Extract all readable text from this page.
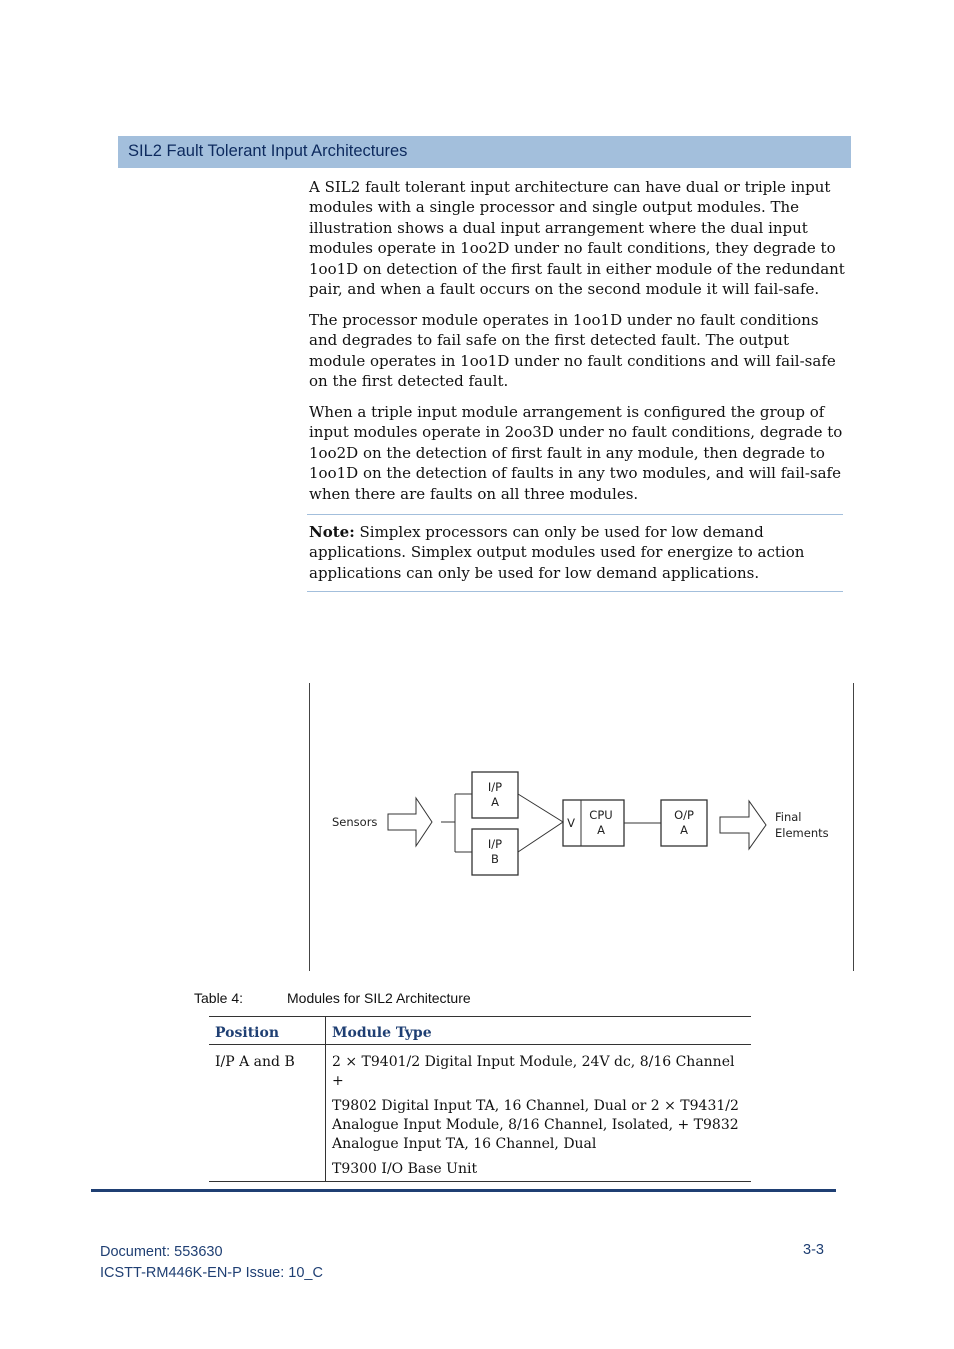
SIL2 Fault Tolerant Input Architectures

A SIL2 fault tolerant input architecture can have dual or triple input modules with a single processor and single output modules. The illustration shows a dual input arrangement where the dual input modules operate in 1oo2D under no fault conditions, they degrade to 1oo1D on detection of the first fault in either module of the redundant pair, and when a fault occurs on the second module it will fail-safe.

The processor module operates in 1oo1D under no fault conditions and degrades to fail safe on the first detected fault. The output module operates in 1oo1D under no fault conditions and will fail-safe on the first detected fault.

When a triple input module arrangement is configured the group of input modules operate in 2oo3D under no fault conditions, degrade to 1oo2D on the detection of first fault in any module, then degrade to 1oo1D on the detection of faults in any two modules, and will fail-safe when there are faults on all three modules.

Note: Simplex processors can only be used for low demand applications. Simplex output modules used for energize to action applications can only be used for low demand applications.

Sensors
I/P
A
I/P
B
V
CPU
A
O/P
A
Final
Elements
Table 4:	Modules for SIL2 Architecture
Position	Module Type

I/P A and B	2 × T9401/2 Digital Input Module, 24V dc, 8/16 Channel +

T9802 Digital Input TA, 16 Channel, Dual or 2 × T9431/2 Analogue Input Module, 8/16 Channel, Isolated, + T9832 Analogue Input TA, 16 Channel, Dual

T9300 I/O Base Unit

Document: 553630
ICSTT-RM446K-EN-P Issue: 10_C
3-3
